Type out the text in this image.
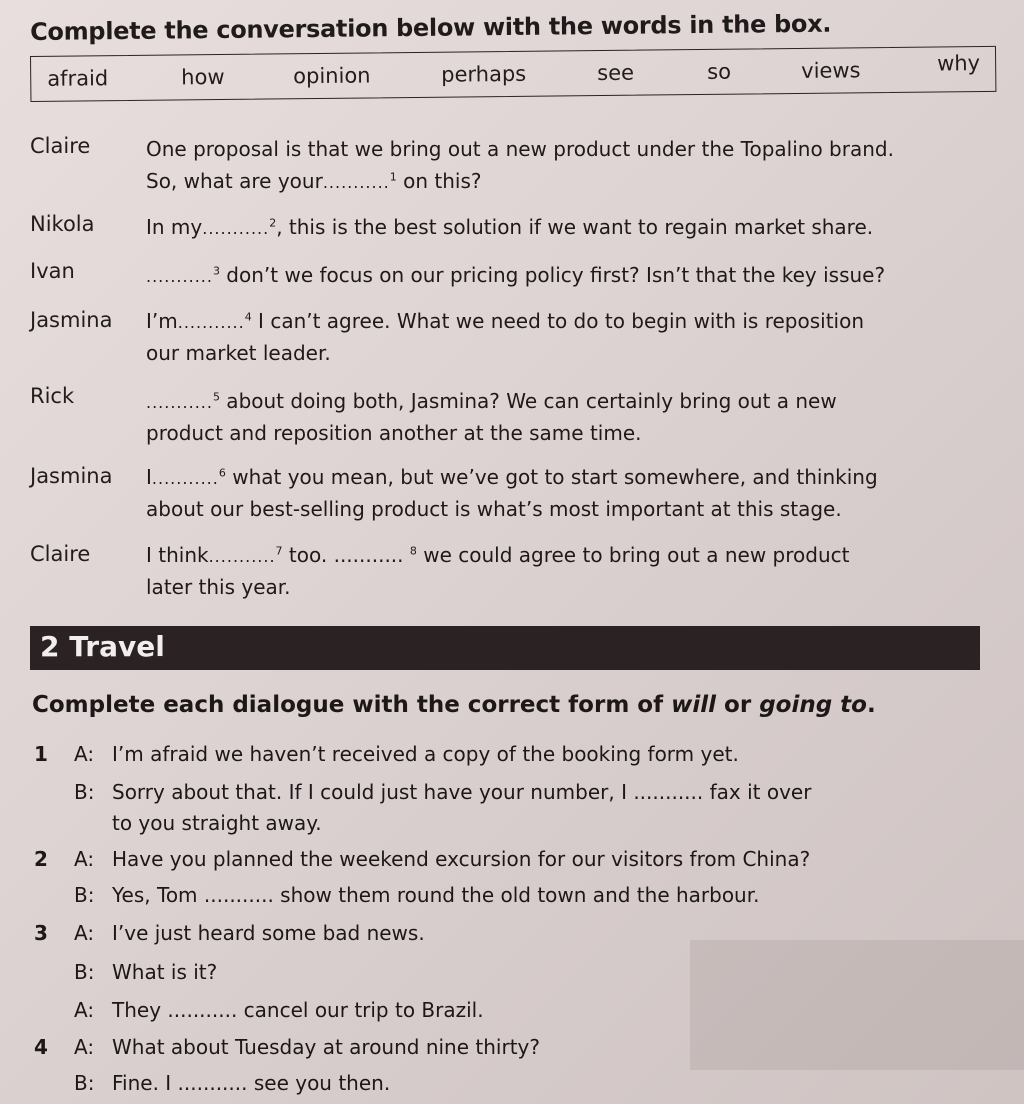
Complete the conversation below with the words in the box.
afraid	how	opinion	perhaps	see	so	views	why
Claire	One proposal is that we bring out a new product under the Topalino brand.
So, what are your...........$^1$ on this?
Nikola	In my...........$^2$, this is the best solution if we want to regain market share.
Ivan	...........$^3$ don’t we focus on our pricing policy first? Isn’t that the key issue?
Jasmina I’m...........$^4$ I can’t agree. What we need to do to begin with is reposition
our market leader.
Rick	...........$^5$ about doing both, Jasmina? We can certainly bring out a new
product and reposition another at the same time.
Jasmina I...........$^6$ what you mean, but we’ve got to start somewhere, and thinking
about our best-selling product is what’s most important at this stage.
Claire	I think...........$^7$ too. ........... $^8$ we could agree to bring out a new product
later this year.
2 Travel
Complete each dialogue with the correct form of will or going to.
1 A: I’m afraid we haven’t received a copy of the booking form yet.
B: Sorry about that. If I could just have your number, I ........... fax it over
to you straight away.
2 A: Have you planned the weekend excursion for our visitors from China?
B: Yes, Tom ........... show them round the old town and the harbour.
3 A: I’ve just heard some bad news.
B: What is it?
A: They ........... cancel our trip to Brazil.
4 A: What about Tuesday at around nine thirty?
B: Fine. I ........... see you then.
